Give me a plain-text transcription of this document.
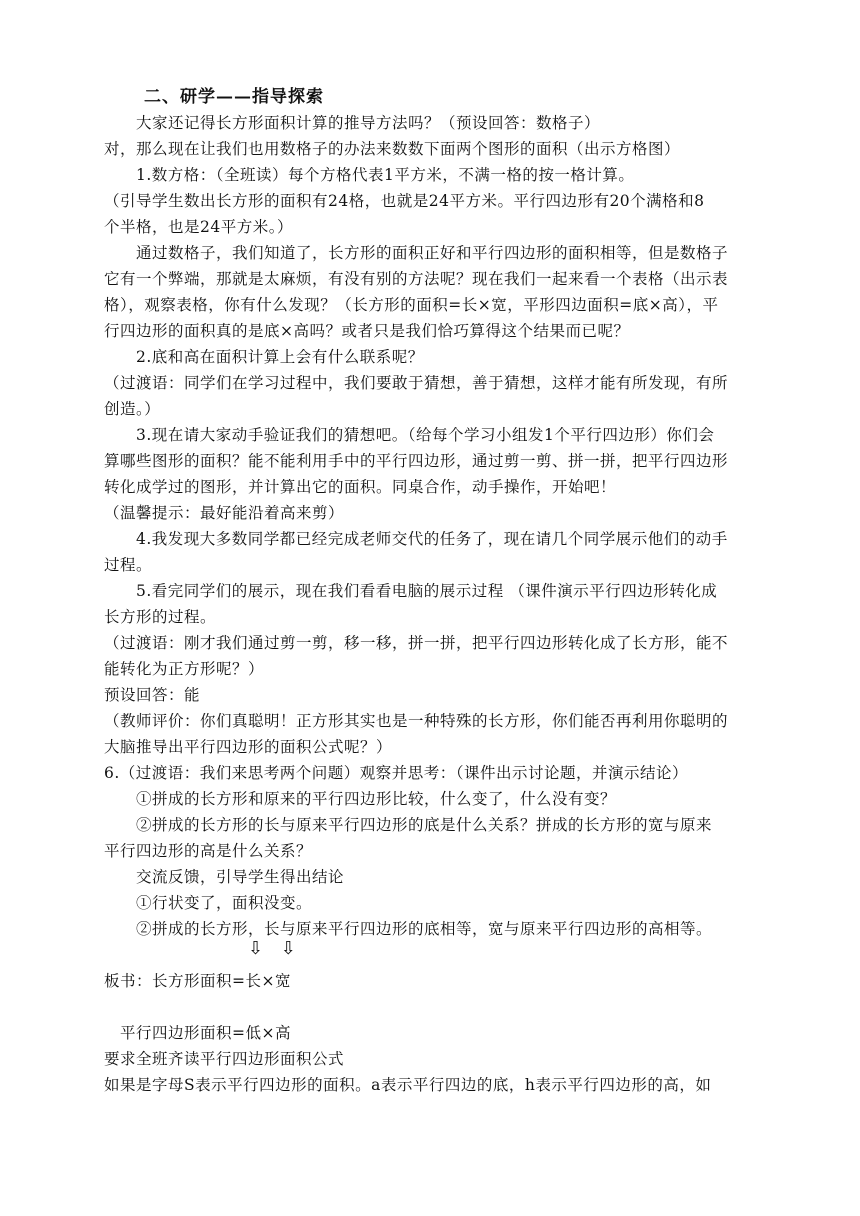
二、研学——指导探索
大家还记得长方形面积计算的推导方法吗？（预设回答：数格子）
对，那么现在让我们也用数格子的办法来数数下面两个图形的面积（出示方格图）
1.数方格：（全班读）每个方格代表1平方米，不满一格的按一格计算。
（引导学生数出长方形的面积有24格，也就是24平方米。平行四边形有20个满格和8
个半格，也是24平方米。）
通过数格子，我们知道了，长方形的面积正好和平行四边形的面积相等，但是数格子
它有一个弊端，那就是太麻烦，有没有别的方法呢？现在我们一起来看一个表格（出示表
格），观察表格，你有什么发现？（长方形的面积=长×宽，平形四边面积=底×高），平
行四边形的面积真的是底×高吗？或者只是我们恰巧算得这个结果而已呢？
2.底和高在面积计算上会有什么联系呢？
（过渡语：同学们在学习过程中，我们要敢于猜想，善于猜想，这样才能有所发现，有所
创造。）
3.现在请大家动手验证我们的猜想吧。（给每个学习小组发1个平行四边形）你们会
算哪些图形的面积？能不能利用手中的平行四边形，通过剪一剪、拼一拼，把平行四边形
转化成学过的图形，并计算出它的面积。同桌合作，动手操作，开始吧！
（温馨提示：最好能沿着高来剪）
4.我发现大多数同学都已经完成老师交代的任务了，现在请几个同学展示他们的动手
过程。
5.看完同学们的展示，现在我们看看电脑的展示过程 （课件演示平行四边形转化成
长方形的过程。
（过渡语：刚才我们通过剪一剪，移一移，拼一拼，把平行四边形转化成了长方形，能不
能转化为正方形呢？）
预设回答：能
（教师评价：你们真聪明！正方形其实也是一种特殊的长方形，你们能否再利用你聪明的
大脑推导出平行四边形的面积公式呢？）
6.（过渡语：我们来思考两个问题）观察并思考：（课件出示讨论题，并演示结论）
①拼成的长方形和原来的平行四边形比较，什么变了，什么没有变？
②拼成的长方形的长与原来平行四边形的底是什么关系？拼成的长方形的宽与原来
平行四边形的高是什么关系？
交流反馈，引导学生得出结论
①行状变了，面积没变。
②拼成的长方形，长与原来平行四边形的底相等，宽与原来平行四边形的高相等。
⇩ ⇩
板书：长方形面积=长×宽
平行四边形面积=低×高
要求全班齐读平行四边形面积公式
如果是字母S表示平行四边形的面积。a表示平行四边的底，h表示平行四边形的高，如
